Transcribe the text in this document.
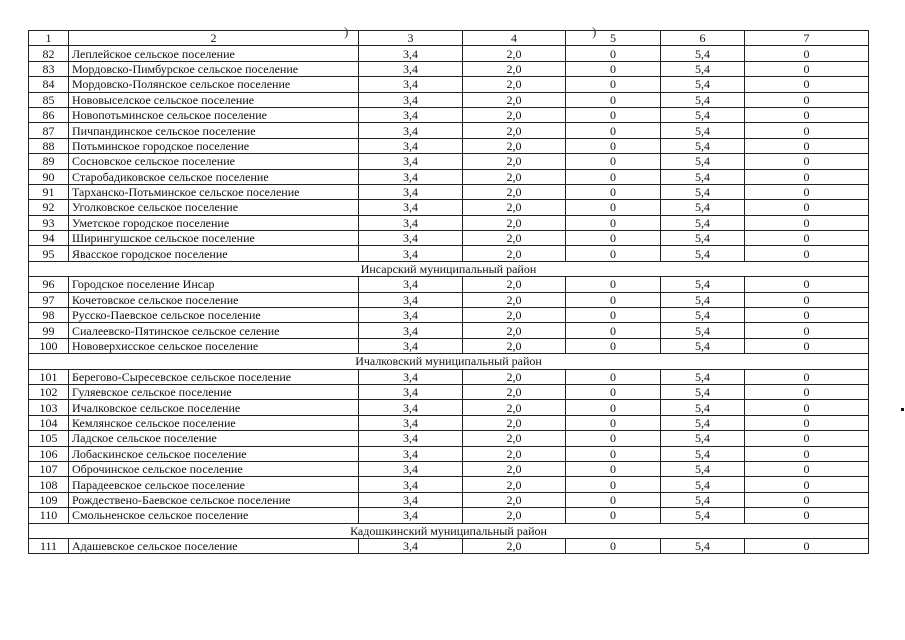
1	2	3	4	5	6	7
82	Леплейское сельское поселение	3,4	2,0	0	5,4	0
83	Мордовско-Пимбурское сельское поселение	3,4	2,0	0	5,4	0
84	Мордовско-Полянское сельское поселение	3,4	2,0	0	5,4	0
85	Нововыселское сельское поселение	3,4	2,0	0	5,4	0
86	Новопотьминское сельское поселение	3,4	2,0	0	5,4	0
87	Пичпандинское сельское поселение	3,4	2,0	0	5,4	0
88	Потьминское городское поселение	3,4	2,0	0	5,4	0
89	Сосновское сельское поселение	3,4	2,0	0	5,4	0
90	Старобадиковское сельское поселение	3,4	2,0	0	5,4	0
91	Тарханско-Потьминское сельское поселение	3,4	2,0	0	5,4	0
92	Уголковское сельское поселение	3,4	2,0	0	5,4	0
93	Уметское городское поселение	3,4	2,0	0	5,4	0
94	Ширингушское сельское поселение	3,4	2,0	0	5,4	0
95	Явасское городское поселение	3,4	2,0	0	5,4	0
Инсарский муниципальный район						
96	Городское поселение Инсар	3,4	2,0	0	5,4	0
97	Кочетовское сельское поселение	3,4	2,0	0	5,4	0
98	Русско-Паевское сельское поселение	3,4	2,0	0	5,4	0
99	Сиалеевско-Пятинское сельское селение	3,4	2,0	0	5,4	0
100	Нововерхисское сельское поселение	3,4	2,0	0	5,4	0
Ичалковский муниципальный район						
101	Берегово-Сыресевское сельское поселение	3,4	2,0	0	5,4	0
102	Гуляевское сельское поселение	3,4	2,0	0	5,4	0
103	Ичалковское сельское поселение	3,4	2,0	0	5,4	0
104	Кемлянское сельское поселение	3,4	2,0	0	5,4	0
105	Ладское сельское поселение	3,4	2,0	0	5,4	0
106	Лобаскинское сельское поселение	3,4	2,0	0	5,4	0
107	Оброчинское сельское поселение	3,4	2,0	0	5,4	0
108	Парадеевское сельское поселение	3,4	2,0	0	5,4	0
109	Рождествено-Баевское сельское поселение	3,4	2,0	0	5,4	0
110	Смольненское сельское поселение	3,4	2,0	0	5,4	0
Кадошкинский муниципальный район						
111	Адашевское сельское поселение	3,4	2,0	0	5,4	0
)	)
